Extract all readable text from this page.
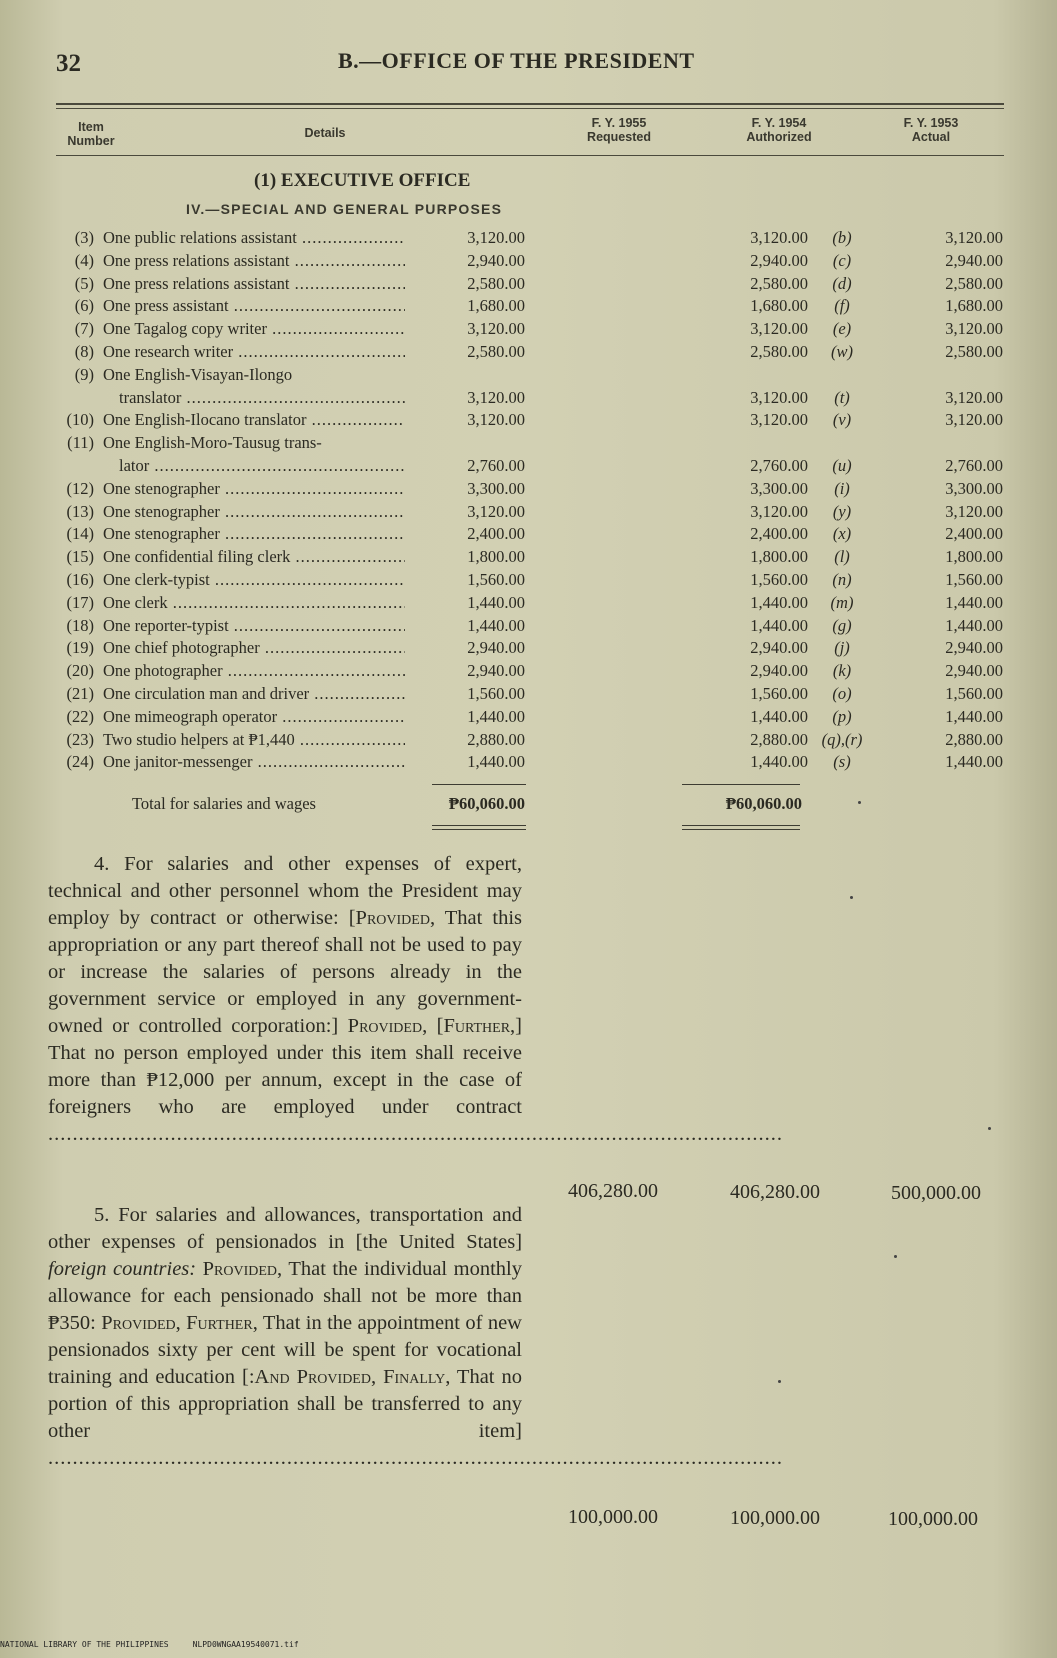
32	B.—OFFICE OF THE PRESIDENT
Item
Number
Details
F. Y. 1955
Requested
F. Y. 1954
Authorized
F. Y. 1953
Actual
(1) EXECUTIVE OFFICE
IV.—SPECIAL AND GENERAL PURPOSES
(3) One public relations assistant .....	3,120.00	3,120.00	(b)	3,120.00
(4) One press relations assistant .....	2,940.00	2,940.00	(c)	2,940.00
(5) One press relations assistant .....	2,580.00	2,580.00	(d)	2,580.00
(6) One press assistant .....	1,680.00	1,680.00	(f)	1,680.00
(7) One Tagalog copy writer .....	3,120.00	3,120.00	(e)	3,120.00
(8) One research writer .....	2,580.00	2,580.00	(w)	2,580.00
(9) One English-Visayan-Ilongo
translator .....	3,120.00	3,120.00	(t)	3,120.00
(10) One English-Ilocano translator .....	3,120.00	3,120.00	(v)	3,120.00
(11) One English-Moro-Tausug trans-
lator .....	2,760.00	2,760.00	(u)	2,760.00
(12) One stenographer .....	3,300.00	3,300.00	(i)	3,300.00
(13) One stenographer .....	3,120.00	3,120.00	(y)	3,120.00
(14) One stenographer .....	2,400.00	2,400.00	(x)	2,400.00
(15) One confidential filing clerk .....	1,800.00	1,800.00	(l)	1,800.00
(16) One clerk-typist .....	1,560.00	1,560.00	(n)	1,560.00
(17) One clerk .....	1,440.00	1,440.00	(m)	1,440.00
(18) One reporter-typist .....	1,440.00	1,440.00	(g)	1,440.00
(19) One chief photographer .....	2,940.00	2,940.00	(j)	2,940.00
(20) One photographer .....	2,940.00	2,940.00	(k)	2,940.00
(21) One circulation man and driver .....	1,560.00	1,560.00	(o)	1,560.00
(22) One mimeograph operator .....	1,440.00	1,440.00	(p)	1,440.00
(23) Two studio helpers at ₱1,440 .....	2,880.00	2,880.00 (q),(r)	2,880.00
(24) One janitor-messenger .....	1,440.00	1,440.00	(s)	1,440.00
Total for salaries and wages	₱60,060.00	₱60,060.00

4. For salaries and other expenses of expert, technical and other personnel whom the President may employ by contract or otherwise: [Provided, That this appropriation or any part thereof shall not be used to pay or increase the salaries of persons already in the government service or employed in any government-owned or controlled corporation:] Provided, [Further,] That no person employed under this item shall receive more than ₱12,000 per annum, except in the case of foreigners who are employed under contract .....

406,280.00	406,280.00	500,000.00

5. For salaries and allowances, transportation and other expenses of pensionados in [the United States] foreign countries: Provided, That the individual monthly allowance for each pensionado shall not be more than ₱350: Provided, Further, That in the appointment of new pensionados sixty per cent will be spent for vocational training and education [:And Provided, Finally, That no portion of this appropriation shall be transferred to any other item] .....

100,000.00	100,000.00	100,000.00
NATIONAL LIBRARY OF THE PHILIPPINES	NLPD0WNGAA19540071.tif
